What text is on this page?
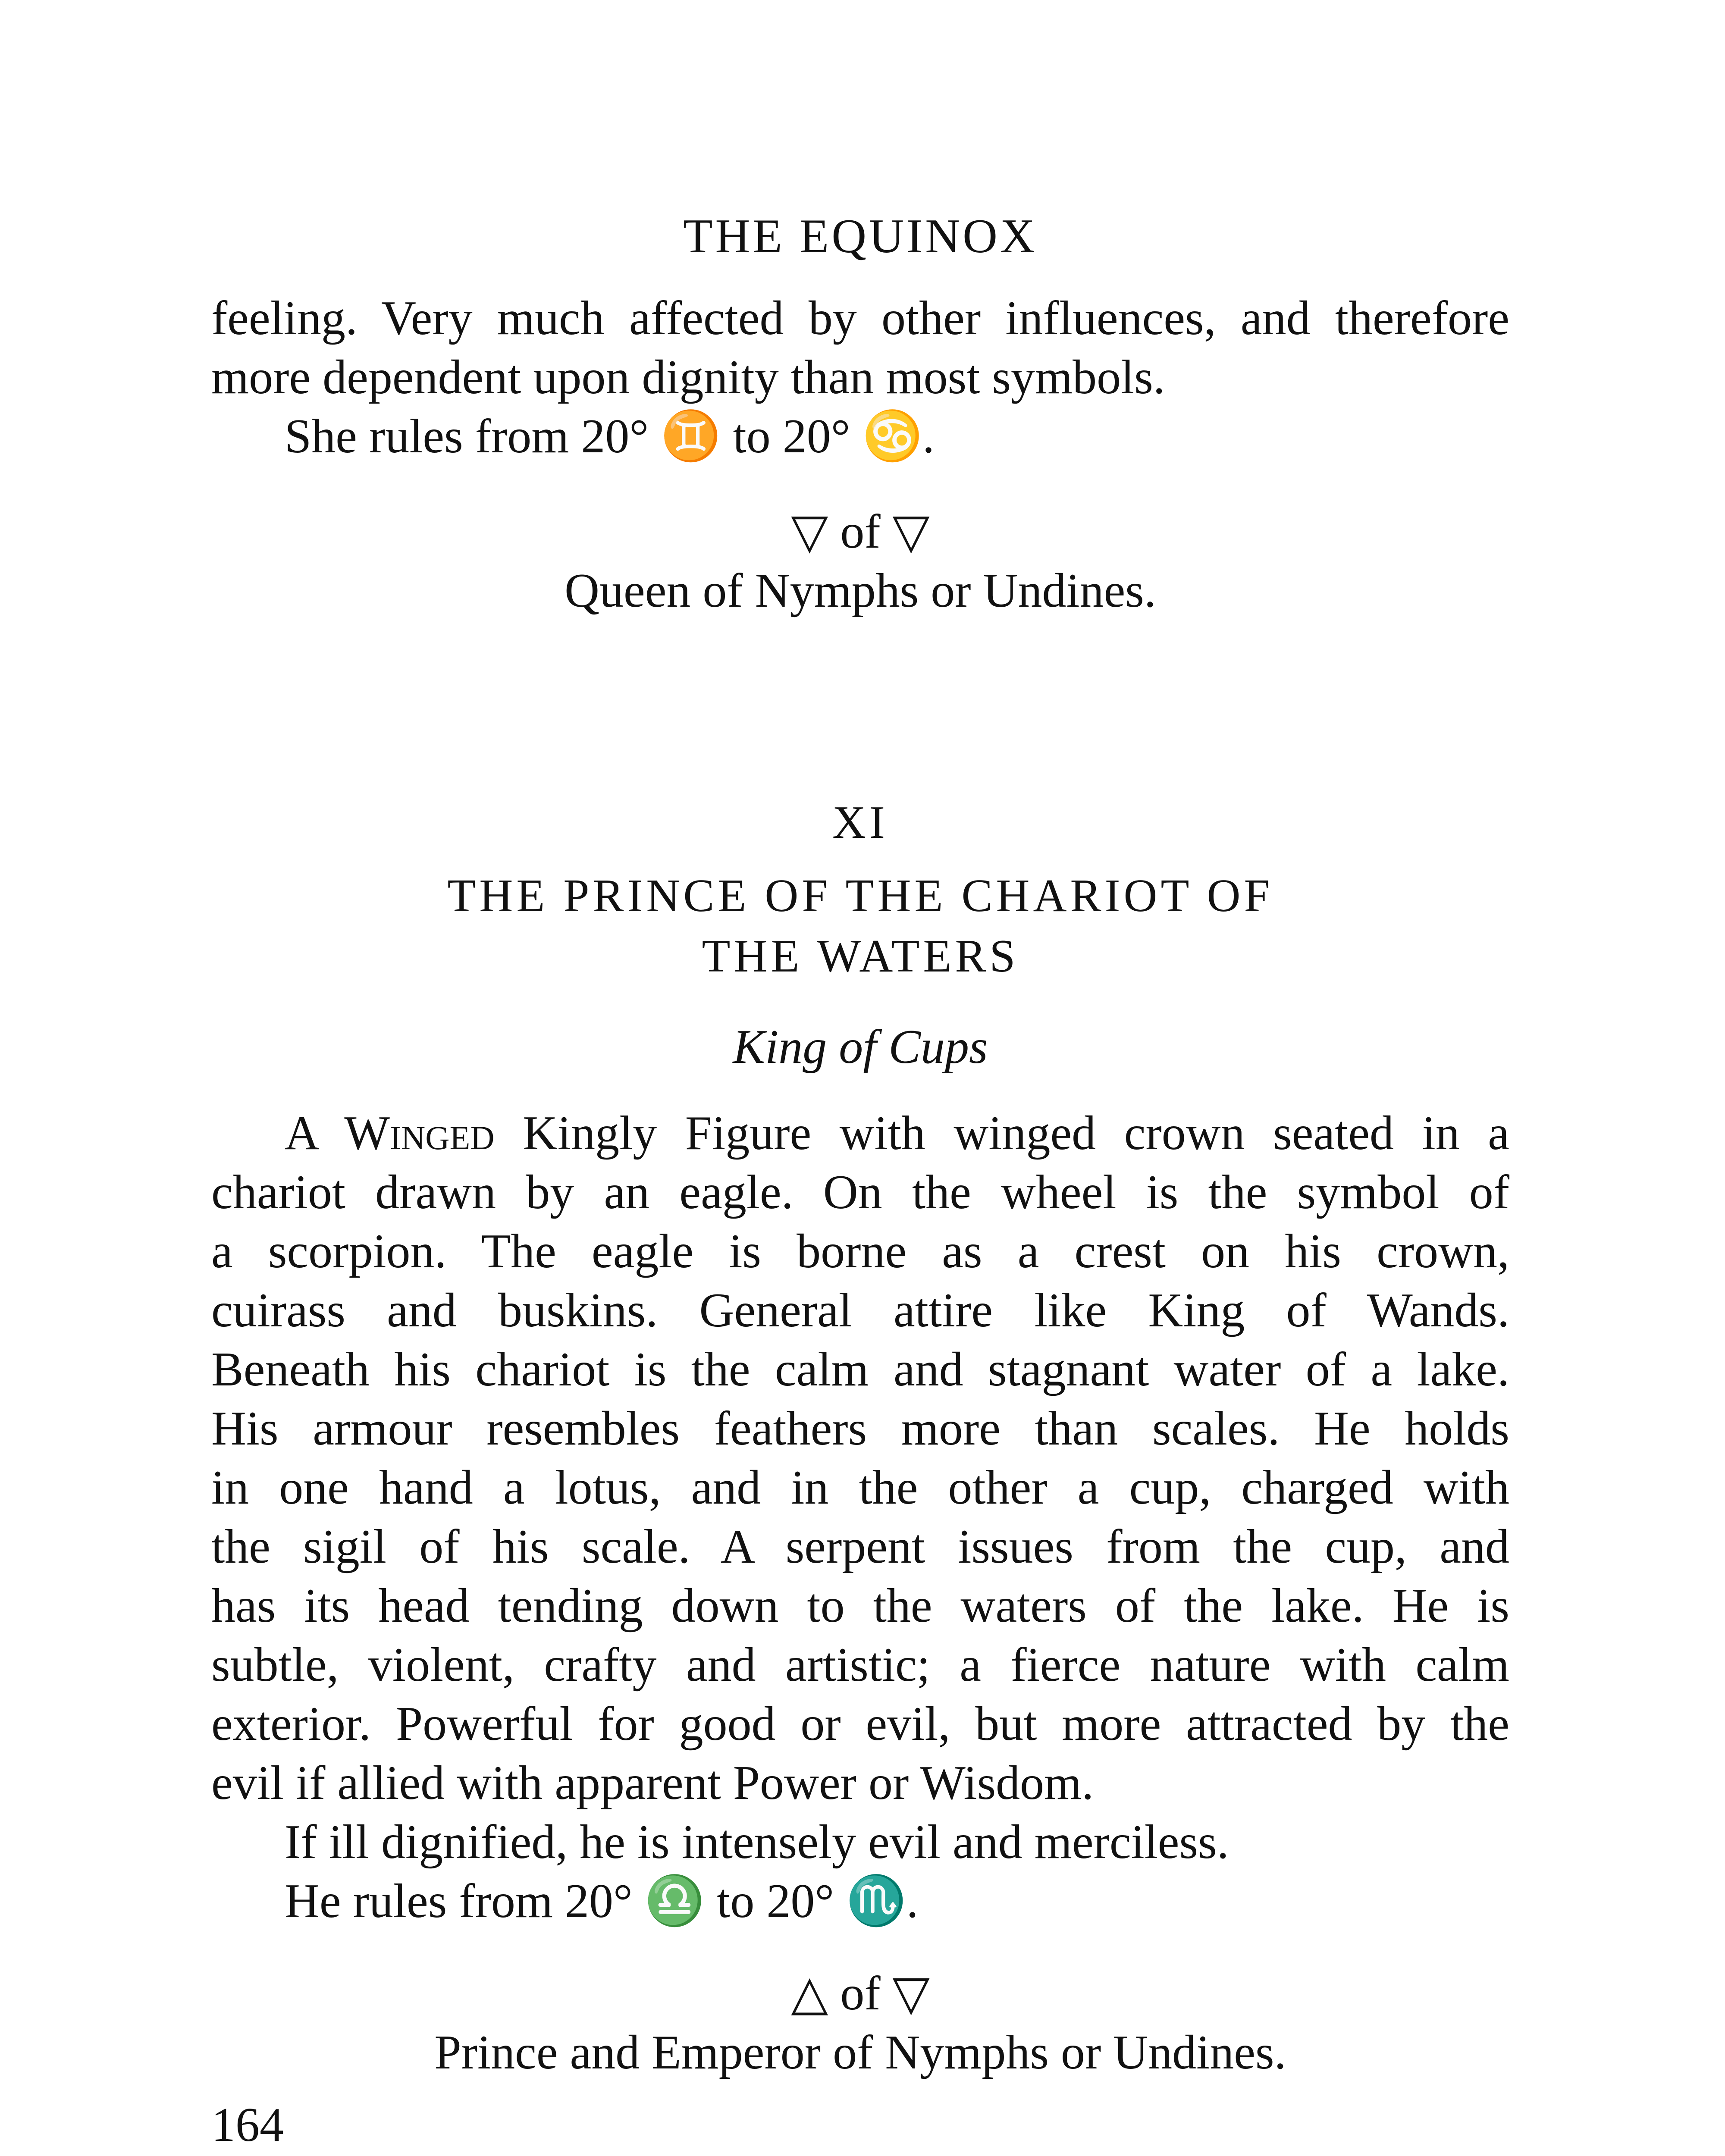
THE EQUINOX
feeling. Very much affected by other influences, and therefore
more dependent upon dignity than most symbols.
She rules from 20° ♊ to 20° ♋.
▽ of ▽
Queen of Nymphs or Undines.
XI
THE PRINCE OF THE CHARIOT OF
THE WATERS
King of Cups
A Winged Kingly Figure with winged crown seated in a
chariot drawn by an eagle. On the wheel is the symbol of
a scorpion. The eagle is borne as a crest on his crown,
cuirass and buskins. General attire like King of Wands.
Beneath his chariot is the calm and stagnant water of a lake.
His armour resembles feathers more than scales. He holds
in one hand a lotus, and in the other a cup, charged with
the sigil of his scale. A serpent issues from the cup, and
has its head tending down to the waters of the lake. He is
subtle, violent, crafty and artistic; a fierce nature with calm
exterior. Powerful for good or evil, but more attracted by the
evil if allied with apparent Power or Wisdom.
If ill dignified, he is intensely evil and merciless.
He rules from 20° ♎ to 20° ♏.
△ of ▽
Prince and Emperor of Nymphs or Undines.
164
